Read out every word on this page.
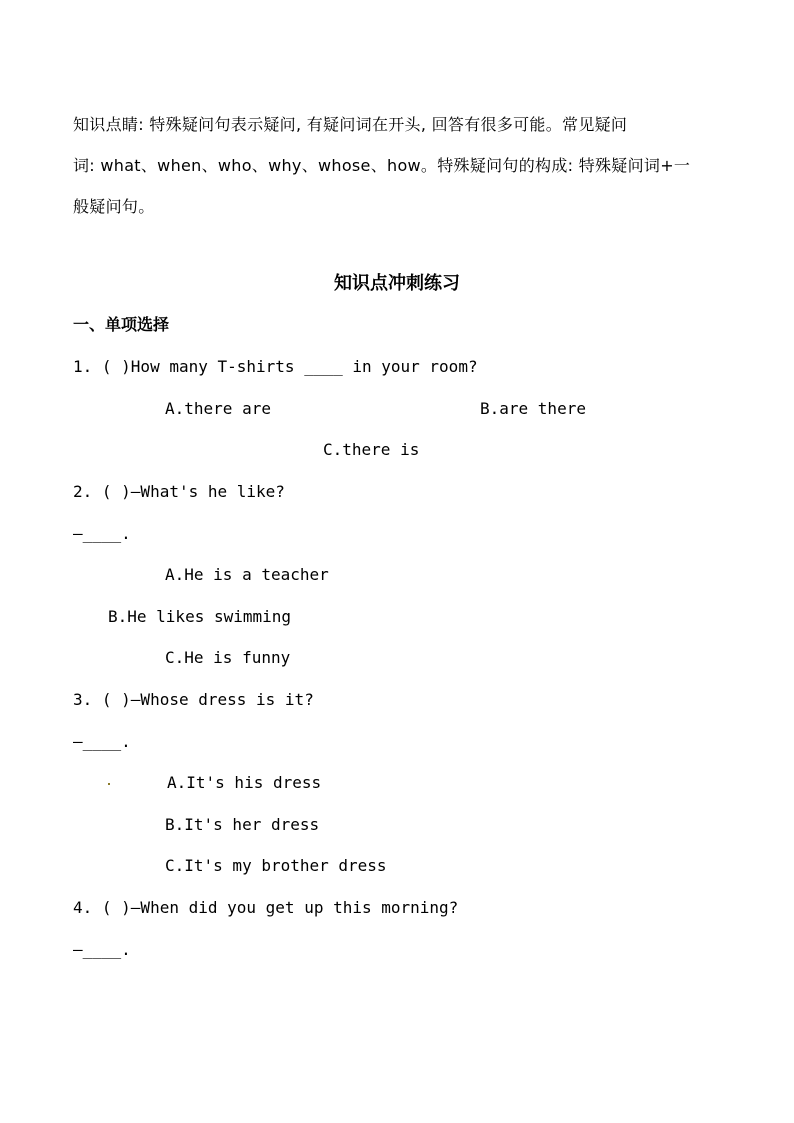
知识点睛: 特殊疑问句表示疑问, 有疑问词在开头, 回答有很多可能。常见疑问

词: what、when、who、why、whose、how。特殊疑问句的构成: 特殊疑问词+一

般疑问句。

知识点冲刺练习
一、单项选择
1. ( )How many T-shirts ____ in your room?
A.there are	B.are there
C.there is
2. ( )—What's he like?
—____.
A.He is a teacher
B.He likes swimming
C.He is funny
3. ( )—Whose dress is it?
—____.
A.It's his dress
B.It's her dress
C.It's my brother dress
4. ( )—When did you get up this morning?
—____.
